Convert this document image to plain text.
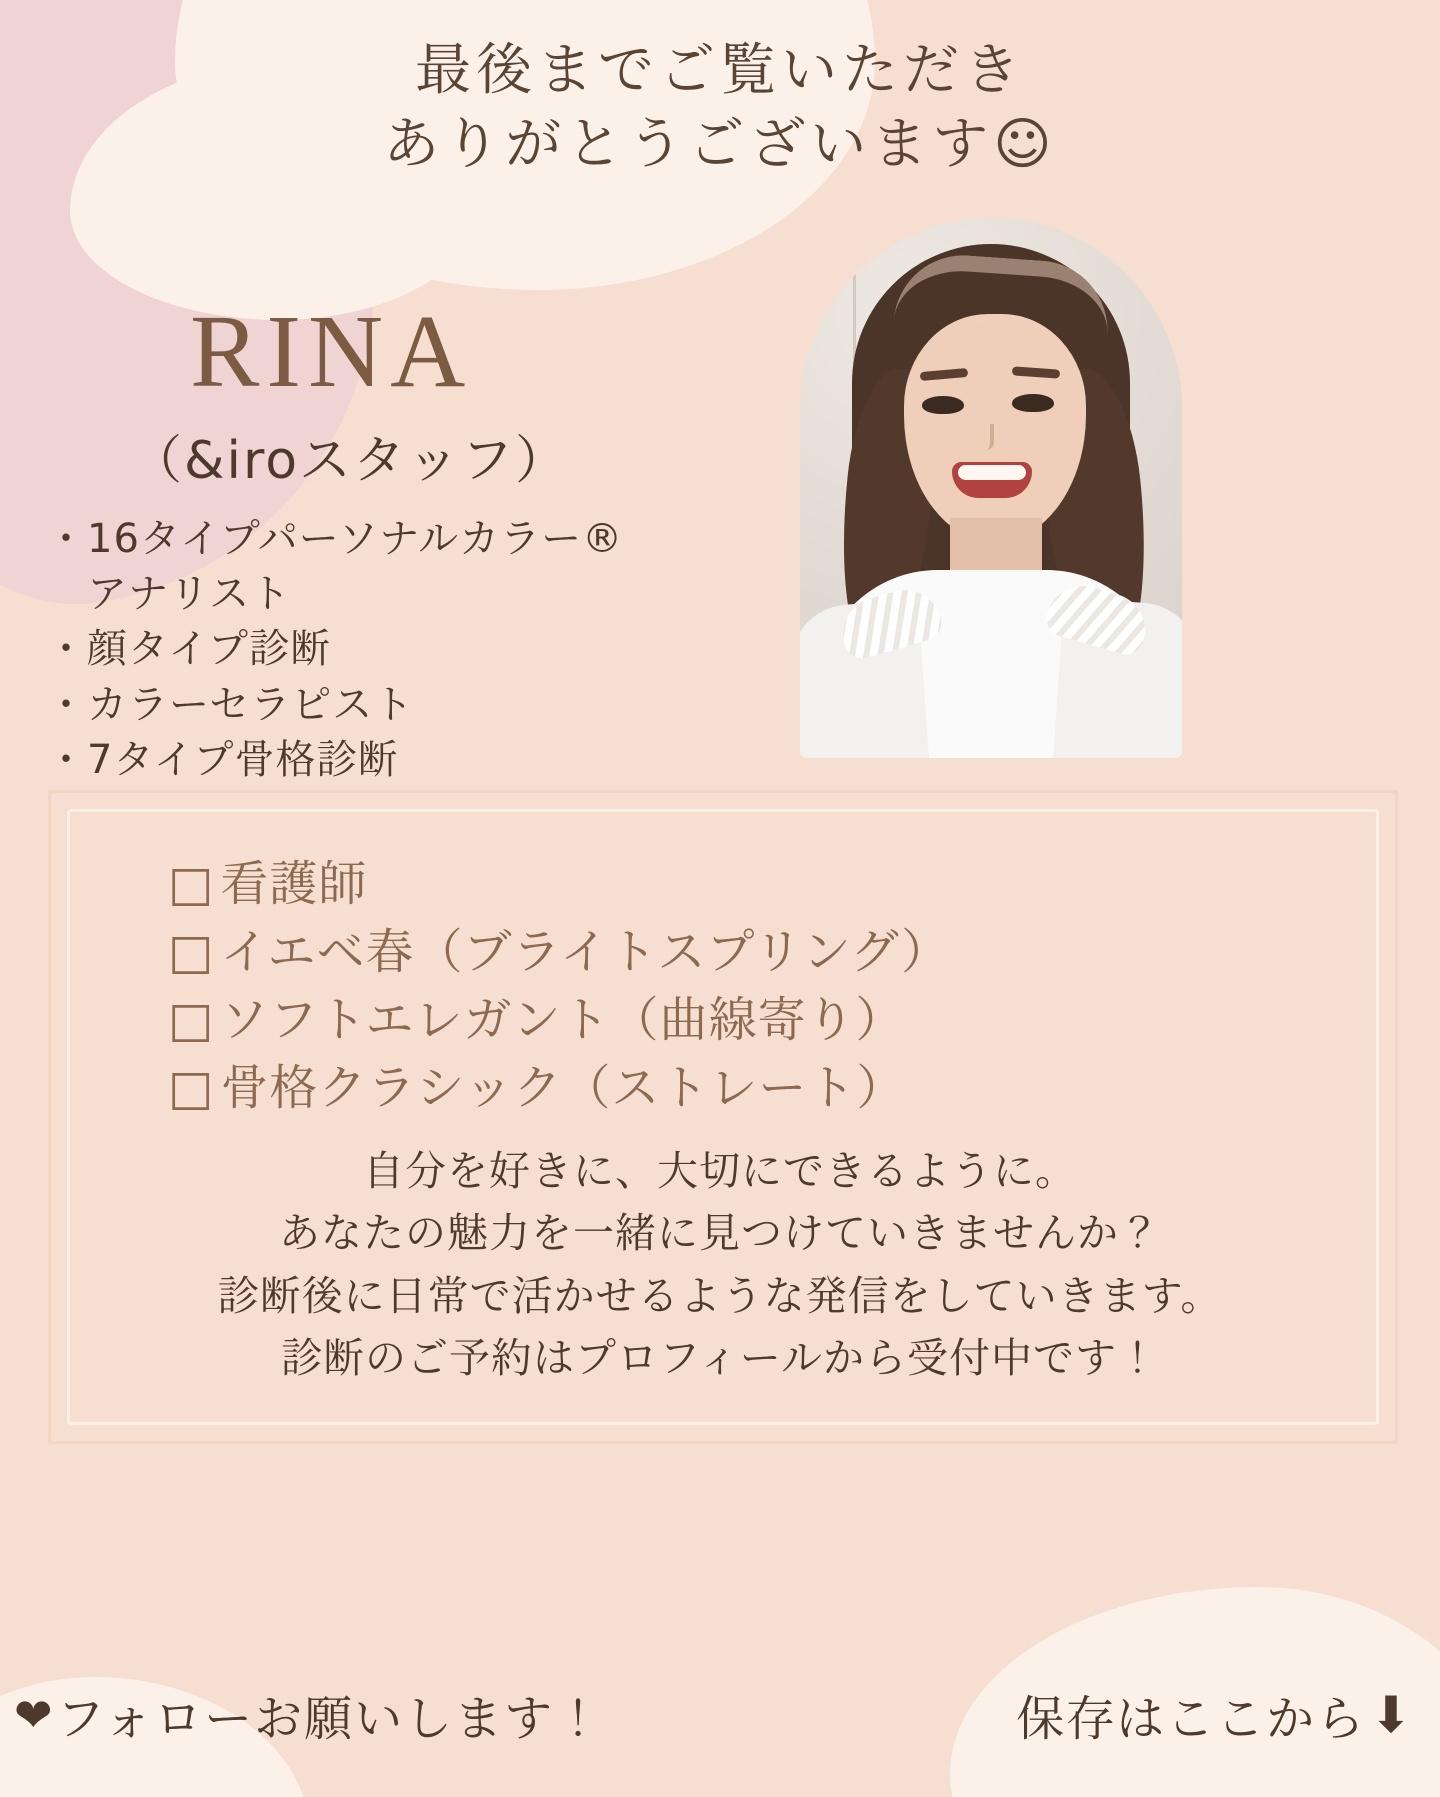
最後までご覧いただき
ありがとうございます☺
RINA
（&iroスタッフ）
・16タイプパーソナルカラー®
　アナリスト
・顔タイプ診断
・カラーセラピスト
・7タイプ骨格診断
□ 看護師
□ イエベ春（ブライトスプリング）
□ ソフトエレガント（曲線寄り）
□ 骨格クラシック（ストレート）
自分を好きに、大切にできるように。
あなたの魅力を一緒に見つけていきませんか？
診断後に日常で活かせるような発信をしていきます。
診断のご予約はプロフィールから受付中です！
❤ フォローお願いします！	保存はここから ⬇
